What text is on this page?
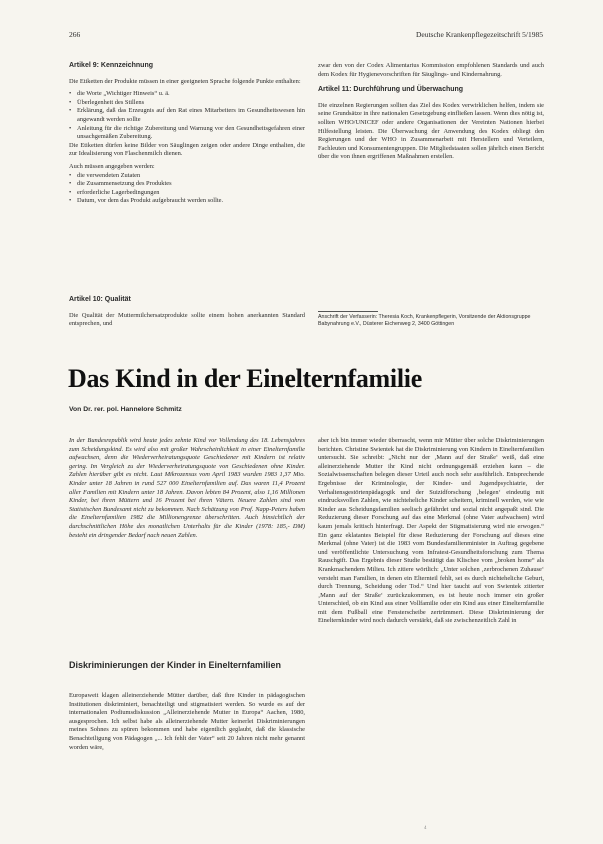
266	Deutsche Krankenpflegezeitschrift 5/1985
Artikel 9: Kennzeichnung

Die Etiketten der Produkte müssen in einer geeigneten Sprache folgende Punkte enthalten:

• die Worte „Wichtiger Hinweis“ u. ä.
• Überlegenheit des Stillens
• Erklärung, daß das Erzeugnis auf den Rat eines Mitarbeiters im Gesundheitswesen hin angewandt werden sollte
• Anleitung für die richtige Zubereitung und Warnung vor den Gesundheitsgefahren einer unsachgemäßen Zubereitung.

Die Etiketten dürfen keine Bilder von Säuglingen zeigen oder andere Dinge enthalten, die zur Idealisierung von Flaschenmilch dienen.

Auch müssen angegeben werden:

• die verwendeten Zutaten
• die Zusammensetzung des Produktes
• erforderliche Lagerbedingungen
• Datum, vor dem das Produkt aufgebraucht werden sollte.
Artikel 10: Qualität

Die Qualität der Muttermilchersatzprodukte sollte einem hohen anerkannten Standard entsprechen, und

zwar den von der Codex Alimentarius Kommission empfohlenen Standards und auch dem Kodex für Hygienevorschriften für Säuglings- und Kindernahrung.

Artikel 11: Durchführung und Überwachung

Die einzelnen Regierungen sollten das Ziel des Kodex verwirklichen helfen, indem sie seine Grundsätze in ihre nationalen Gesetzgebung einfließen lassen. Wenn dies nötig ist, sollten WHO/UNICEF oder andere Organisationen der Vereinten Nationen hierbei Hilfestellung leisten. Die Überwachung der Anwendung des Kodex obliegt den Regierungen und der WHO in Zusammenarbeit mit Herstellern und Verteilern, Fachleuten und Konsumentengruppen. Die Mitgliedstaaten sollen jährlich einen Bericht über die von ihnen ergriffenen Maßnahmen erstellen.

Anschrift der Verfasserin: Theresia Koch, Krankenpflegerin, Vorsitzende der Aktionsgruppe Babynahrung e.V., Düsterer Eichenweg 2, 3400 Göttingen
Das Kind in der Einelternfamilie
Von Dr. rer. pol. Hannelore Schmitz
In der Bundesrepublik wird heute jedes zehnte Kind vor Vollendung des 18. Lebensjahres zum Scheidungskind. Es wird also mit großer Wahrscheinlichkeit in einer Einelternfamilie aufwachsen, denn die Wiederverheiratungsquote Geschiedener mit Kindern ist relativ gering. Im Vergleich zu der Wiederverheiratungsquote von Geschiedenen ohne Kinder. Zahlen hierüber gibt es nicht. Laut Mikrozensus vom April 1983 wurden 1983 1,37 Mio. Kinder unter 18 Jahren in rund 527 000 Einelternfamilien auf. Das waren 11,4 Prozent aller Familien mit Kindern unter 18 Jahren. Davon lebten 84 Prozent, also 1,16 Millionen Kinder, bei ihren Müttern und 16 Prozent bei ihren Vätern. Neuere Zahlen sind vom Statistischen Bundesamt nicht zu bekommen. Nach Schätzung von Prof. Napp-Peters haben die Einelternfamilien 1982 die Millionengrenze überschritten. Auch hinsichtlich der durchschnittlichen Höhe des monatlichen Unterhalts für die Kinder (1978: 185,- DM) besteht ein dringender Bedarf nach neuen Zahlen.
Diskriminierungen der Kinder in Einelternfamilien
Europaweit klagen alleinerziehende Mütter darüber, daß ihre Kinder in pädagogischen Institutionen diskriminiert, benachteiligt und stigmatisiert werden. So wurde es auf der internationalen Podiumsdiskussion „Alleinerziehende Mutter in Europa“ Aachen, 1980, ausgesprochen. Ich selbst habe als alleinerziehende Mutter keinerlei Diskriminierungen meines Sohnes zu spüren bekommen und habe eigentlich geglaubt, daß die klassische Benachteiligung von Pädagogen „... Ich fehlt der Vater“ seit 20 Jahren nicht mehr genannt worden wäre,
aber ich bin immer wieder überrascht, wenn mir Mütter über solche Diskriminierungen berichten. Christine Swientek hat die Diskriminierung von Kindern in Einelternfamilien untersucht. Sie schreibt: „Nicht nur der ‚Mann auf der Straße‘ weiß, daß eine alleinerziehende Mutter ihr Kind nicht ordnungsgemäß erziehen kann – die Sozialwissenschaften belegen dieser Urteil auch noch sehr ausführlich. Entsprechende Ergebnisse der Kriminologie, der Kinder- und Jugendpsychiatrie, der Verhaltensgestörtenpädagogik und der Suizidforschung ‚belegen‘ eindeutig mit eindrucksvollen Zahlen, wie nichteheliche Kinder scheitern, kriminell werden, wie wie Kinder aus Scheidungsfamilien seelisch gefährdet und sozial nicht angepaßt sind. Die Reduzierung dieser Forschung auf das eine Merkmal (ohne Vater aufwachsen) wird kaum jemals kritisch hinterfragt. Der Aspekt der Stigmatisierung wird nie erwogen.“ Ein ganz eklatantes Beispiel für diese Reduzierung der Forschung auf dieses eine Merkmal (ohne Vater) ist die 1983 vom Bundesfamilienminister in Auftrag gegebene und veröffentlichte Untersuchung vom Infratest-Gesundheitsforschung zum Thema Rauschgift. Das Ergebnis dieser Studie bestätigt das Klischee vom „broken home“ als Krankmachendem Milieu. Ich zitiere wörtlich: „Unter solchen ‚zerbrochenen Zuhause‘ versteht man Familien, in denen ein Elternteil fehlt, sei es durch nichteheliche Geburt, durch Trennung, Scheidung oder Tod.“ Und hier taucht auf von Swientek zitierter ‚Mann auf der Straße‘ zurückzukommen, es ist heute noch immer ein großer Unterschied, ob ein Kind aus einer Vollfamilie oder ein Kind aus einer Einelternfamilie mit dem Fußball eine Fensterscheibe zertrümmert. Diese Diskriminierung der Einelternkinder wird noch dadurch verstärkt, daß sie zwischenzeitlich Zahl in
4
